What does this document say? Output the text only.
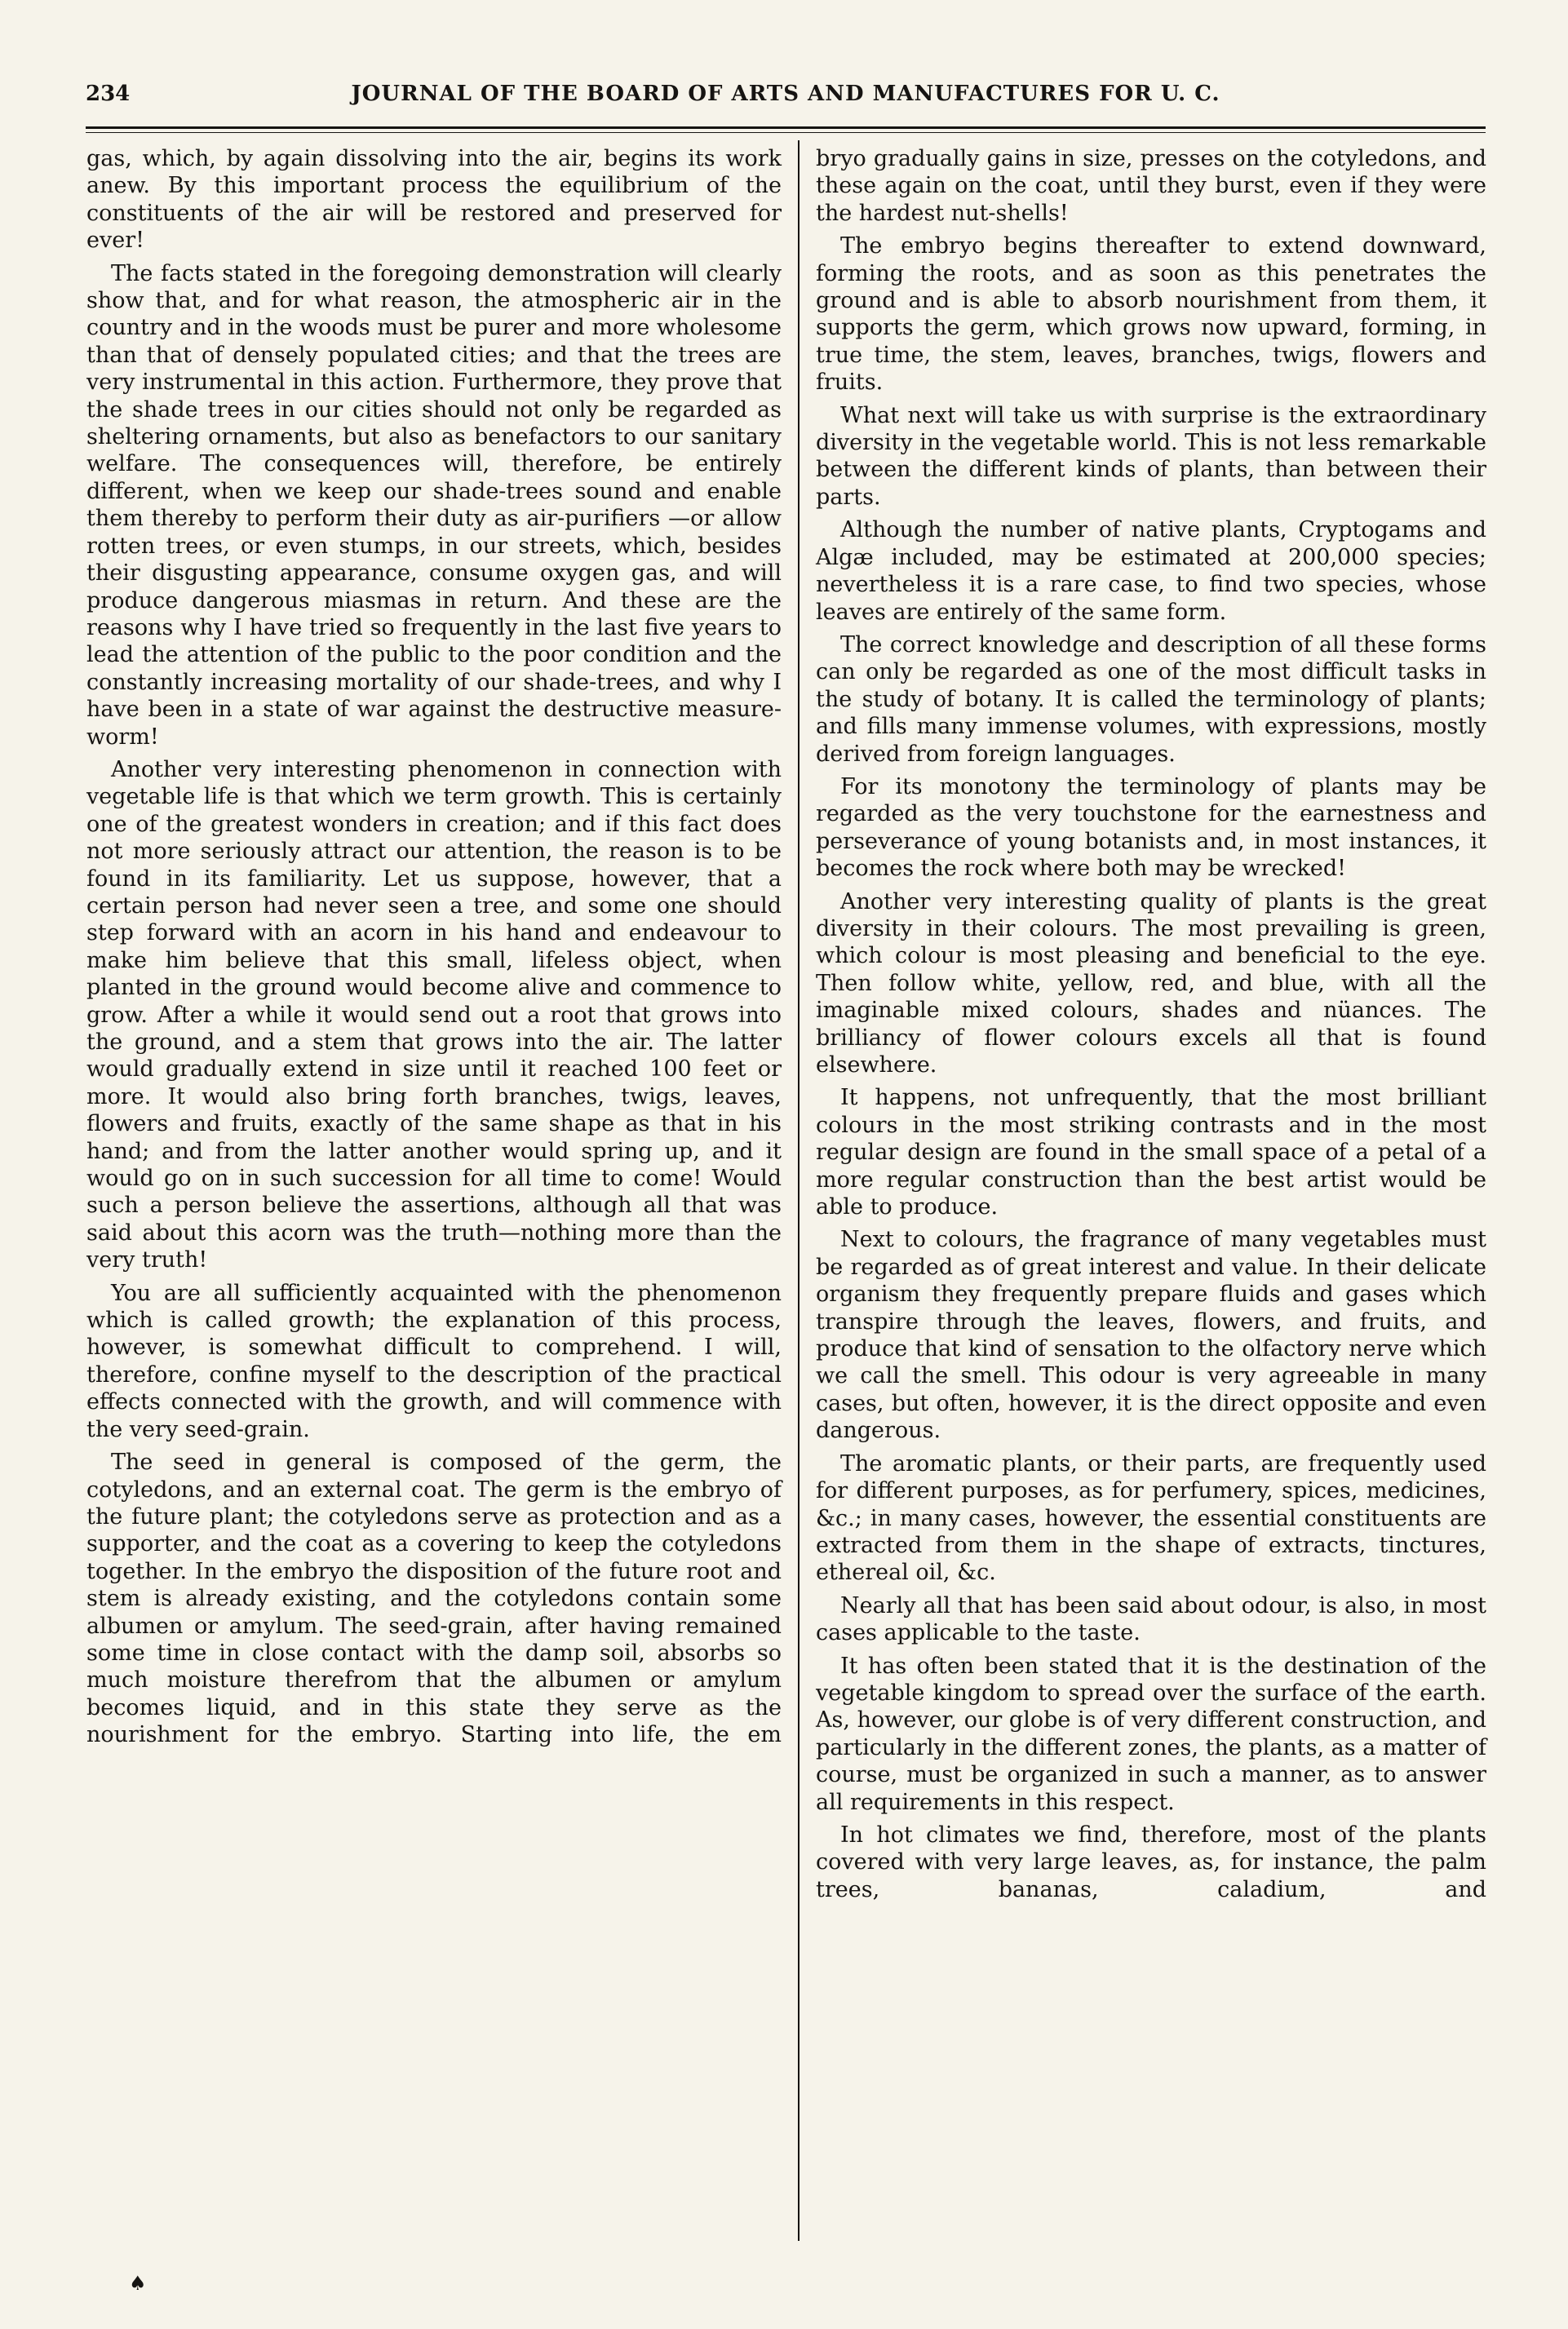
234	JOURNAL OF THE BOARD OF ARTS AND MANUFACTURES FOR U. C.

gas, which, by again dissolving into the air, begins its work anew. By this important process the equilibrium of the constituents of the air will be restored and preserved for ever!

The facts stated in the foregoing demonstration will clearly show that, and for what reason, the atmospheric air in the country and in the woods must be purer and more wholesome than that of densely populated cities; and that the trees are very instrumental in this action. Furthermore, they prove that the shade trees in our cities should not only be regarded as sheltering ornaments, but also as benefactors to our sanitary welfare. The consequences will, therefore, be entirely different, when we keep our shade-trees sound and enable them thereby to perform their duty as air-purifiers —or allow rotten trees, or even stumps, in our streets, which, besides their disgusting appearance, consume oxygen gas, and will produce dangerous miasmas in return. And these are the reasons why I have tried so frequently in the last five years to lead the attention of the public to the poor condition and the constantly increasing mortality of our shade-trees, and why I have been in a state of war against the destructive measure-worm!

Another very interesting phenomenon in connection with vegetable life is that which we term growth. This is certainly one of the greatest wonders in creation; and if this fact does not more seriously attract our attention, the reason is to be found in its familiarity. Let us suppose, however, that a certain person had never seen a tree, and some one should step forward with an acorn in his hand and endeavour to make him believe that this small, lifeless object, when planted in the ground would become alive and commence to grow. After a while it would send out a root that grows into the ground, and a stem that grows into the air. The latter would gradually extend in size until it reached 100 feet or more. It would also bring forth branches, twigs, leaves, flowers and fruits, exactly of the same shape as that in his hand; and from the latter another would spring up, and it would go on in such succession for all time to come! Would such a person believe the assertions, although all that was said about this acorn was the truth—nothing more than the very truth!

You are all sufficiently acquainted with the phenomenon which is called growth; the explanation of this process, however, is somewhat difficult to comprehend. I will, therefore, confine myself to the description of the practical effects connected with the growth, and will commence with the very seed-grain.

The seed in general is composed of the germ, the cotyledons, and an external coat. The germ is the embryo of the future plant; the cotyledons serve as protection and as a supporter, and the coat as a covering to keep the cotyledons together. In the embryo the disposition of the future root and stem is already existing, and the cotyledons contain some albumen or amylum. The seed-grain, after having remained some time in close contact with the damp soil, absorbs so much moisture therefrom that the albumen or amylum becomes liquid, and in this state they serve as the nourishment for the embryo. Starting into life, the em

bryo gradually gains in size, presses on the cotyledons, and these again on the coat, until they burst, even if they were the hardest nut-shells!

The embryo begins thereafter to extend downward, forming the roots, and as soon as this penetrates the ground and is able to absorb nourishment from them, it supports the germ, which grows now upward, forming, in true time, the stem, leaves, branches, twigs, flowers and fruits.

What next will take us with surprise is the extraordinary diversity in the vegetable world. This is not less remarkable between the different kinds of plants, than between their parts.

Although the number of native plants, Cryptogams and Algæ included, may be estimated at 200,000 species; nevertheless it is a rare case, to find two species, whose leaves are entirely of the same form.

The correct knowledge and description of all these forms can only be regarded as one of the most difficult tasks in the study of botany. It is called the terminology of plants; and fills many immense volumes, with expressions, mostly derived from foreign languages.

For its monotony the terminology of plants may be regarded as the very touchstone for the earnestness and perseverance of young botanists and, in most instances, it becomes the rock where both may be wrecked!

Another very interesting quality of plants is the great diversity in their colours. The most prevailing is green, which colour is most pleasing and beneficial to the eye. Then follow white, yellow, red, and blue, with all the imaginable mixed colours, shades and nüances. The brilliancy of flower colours excels all that is found elsewhere.

It happens, not unfrequently, that the most brilliant colours in the most striking contrasts and in the most regular design are found in the small space of a petal of a more regular construction than the best artist would be able to produce.

Next to colours, the fragrance of many vegetables must be regarded as of great interest and value. In their delicate organism they frequently prepare fluids and gases which transpire through the leaves, flowers, and fruits, and produce that kind of sensation to the olfactory nerve which we call the smell. This odour is very agreeable in many cases, but often, however, it is the direct opposite and even dangerous.

The aromatic plants, or their parts, are frequently used for different purposes, as for perfumery, spices, medicines, &c.; in many cases, however, the essential constituents are extracted from them in the shape of extracts, tinctures, ethereal oil, &c.

Nearly all that has been said about odour, is also, in most cases applicable to the taste.

It has often been stated that it is the destination of the vegetable kingdom to spread over the surface of the earth. As, however, our globe is of very different construction, and particularly in the different zones, the plants, as a matter of course, must be organized in such a manner, as to answer all requirements in this respect.

In hot climates we find, therefore, most of the plants covered with very large leaves, as, for instance, the palm trees, bananas, caladium, and

♠
